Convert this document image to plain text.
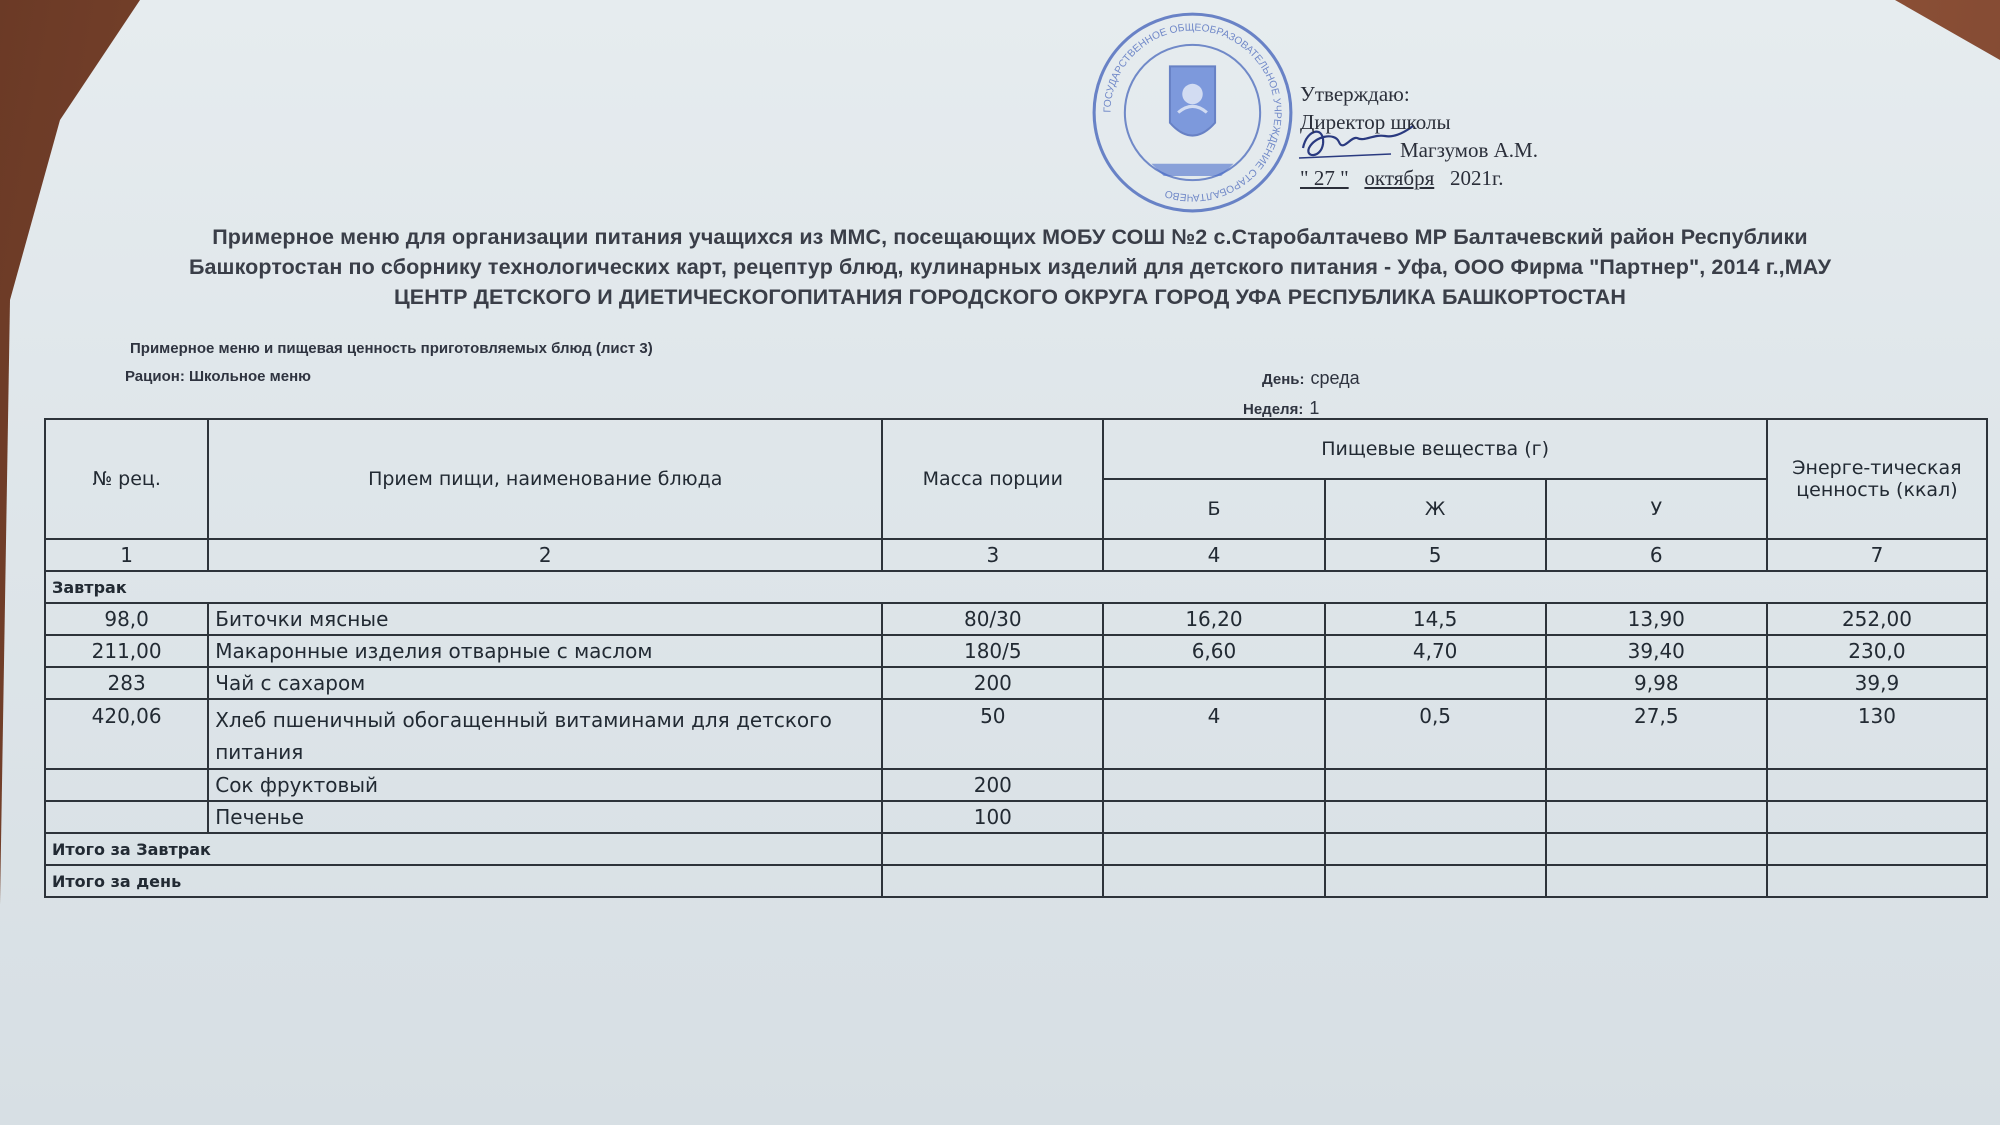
ГОСУДАРСТВЕННОЕ ОБЩЕОБРАЗОВАТЕЛЬНОЕ УЧРЕЖДЕНИЕ СТАРОБАЛТАЧЕВО
Утверждаю:
Директор школы
Магзумов А.М.
" 27 " октября 2021г.
Примерное меню для организации питания учащихся из ММС, посещающих МОБУ СОШ №2 с.Старобалтачево МР Балтачевский район Республики Башкортостан по сборнику технологических карт, рецептур блюд, кулинарных изделий для детского питания - Уфа, ООО Фирма "Партнер", 2014 г.,МАУ ЦЕНТР ДЕТСКОГО И ДИЕТИЧЕСКОГОПИТАНИЯ ГОРОДСКОГО ОКРУГА ГОРОД УФА РЕСПУБЛИКА БАШКОРТОСТАН
Примерное меню и пищевая ценность приготовляемых блюд (лист 3)
Рацион: Школьное меню	День: среда
Неделя: 1
№ рец.	Прием пищи, наименование блюда	Масса порции	Пищевые вещества (г)			Энерге-тическая ценность (ккал)
			Б	Ж	У	
1	2	3	4	5	6	7
Завтрак						
98,0	Биточки мясные	80/30	16,20	14,5	13,90	252,00
211,00	Макаронные изделия отварные с маслом	180/5	6,60	4,70	39,40	230,0
283	Чай с сахаром	200			9,98	39,9
420,06	Хлеб пшеничный обогащенный витаминами для детского питания	50	4	0,5	27,5	130
	Сок фруктовый	200				
	Печенье	100				
Итого за Завтрак						
Итого за день						
